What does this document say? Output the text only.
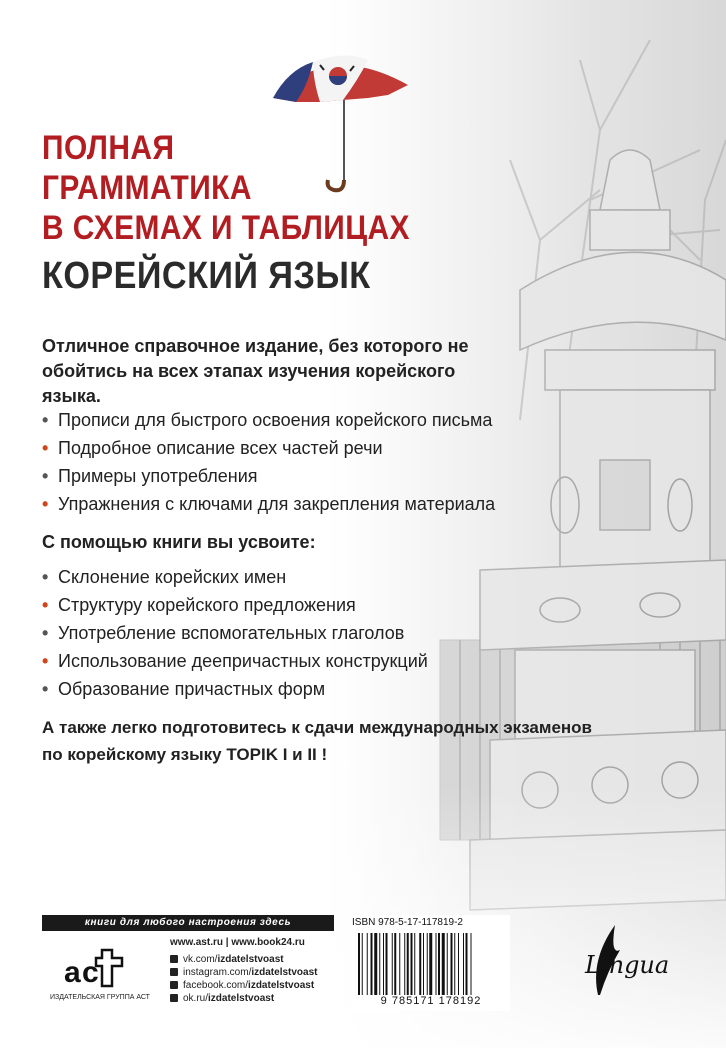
ПОЛНАЯ
ГРАММАТИКА
В СХЕМАХ И ТАБЛИЦАХ
КОРЕЙСКИЙ ЯЗЫК
Отличное справочное издание, без которого не обойтись на всех этапах изучения корейского языка.
• Прописи для быстрого освоения корейского письма
• Подробное описание всех частей речи
• Примеры употребления
• Упражнения с ключами для закрепления материала
С помощью книги вы усвоите:
• Склонение корейских имен
• Структуру корейского предложения
• Употребление вспомогательных глаголов
• Использование деепричастных конструкций
• Образование причастных форм
А также легко подготовитесь к сдачи международных экзаменов по корейскому языку TOPIK I и II !
книги для любого настроения здесь
a c
ИЗДАТЕЛЬСКАЯ ГРУППА АСТ
www.ast.ru | www.book24.ru
vk.com/izdatelstvoast
instagram.com/izdatelstvoast
facebook.com/izdatelstvoast
ok.ru/izdatelstvoast
ISBN 978-5-17-117819-2
9 785171 178192
Lingua
